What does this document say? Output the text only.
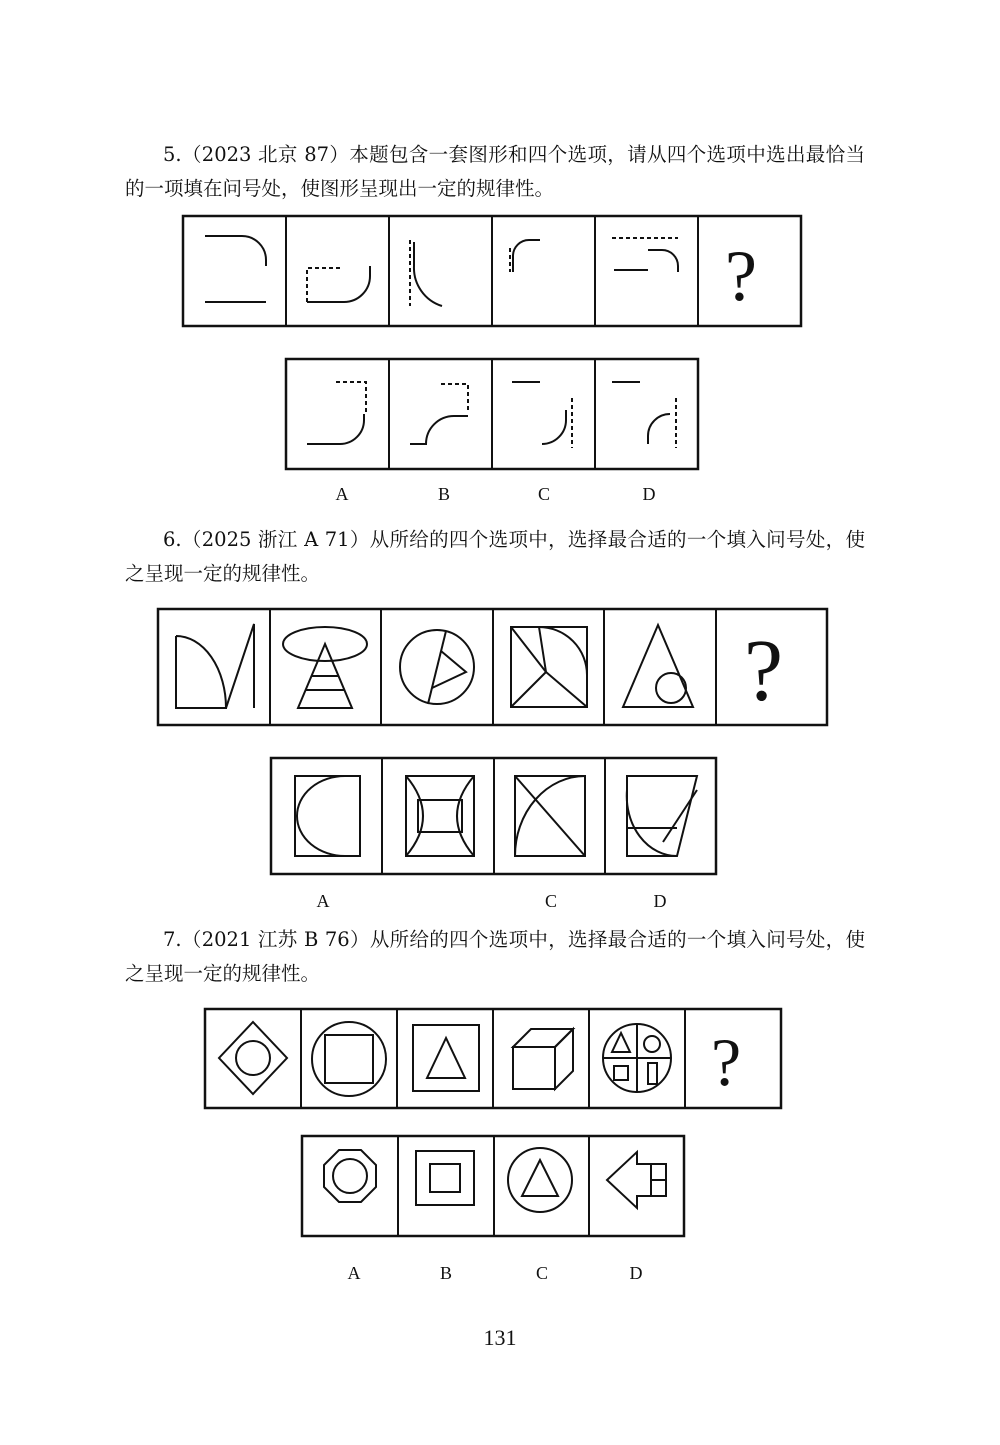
5.（2023 北京 87）本题包含一套图形和四个选项，请从四个选项中选出最恰当的一项填在问号处，使图形呈现出一定的规律性。

?
?
?
A	B	C	D

6.（2025 浙江 A 71）从所给的四个选项中，选择最合适的一个填入问号处，使之呈现一定的规律性。

A	C	D

7.（2021 江苏 B 76）从所给的四个选项中，选择最合适的一个填入问号处，使之呈现一定的规律性。

A	B	C	D
131
